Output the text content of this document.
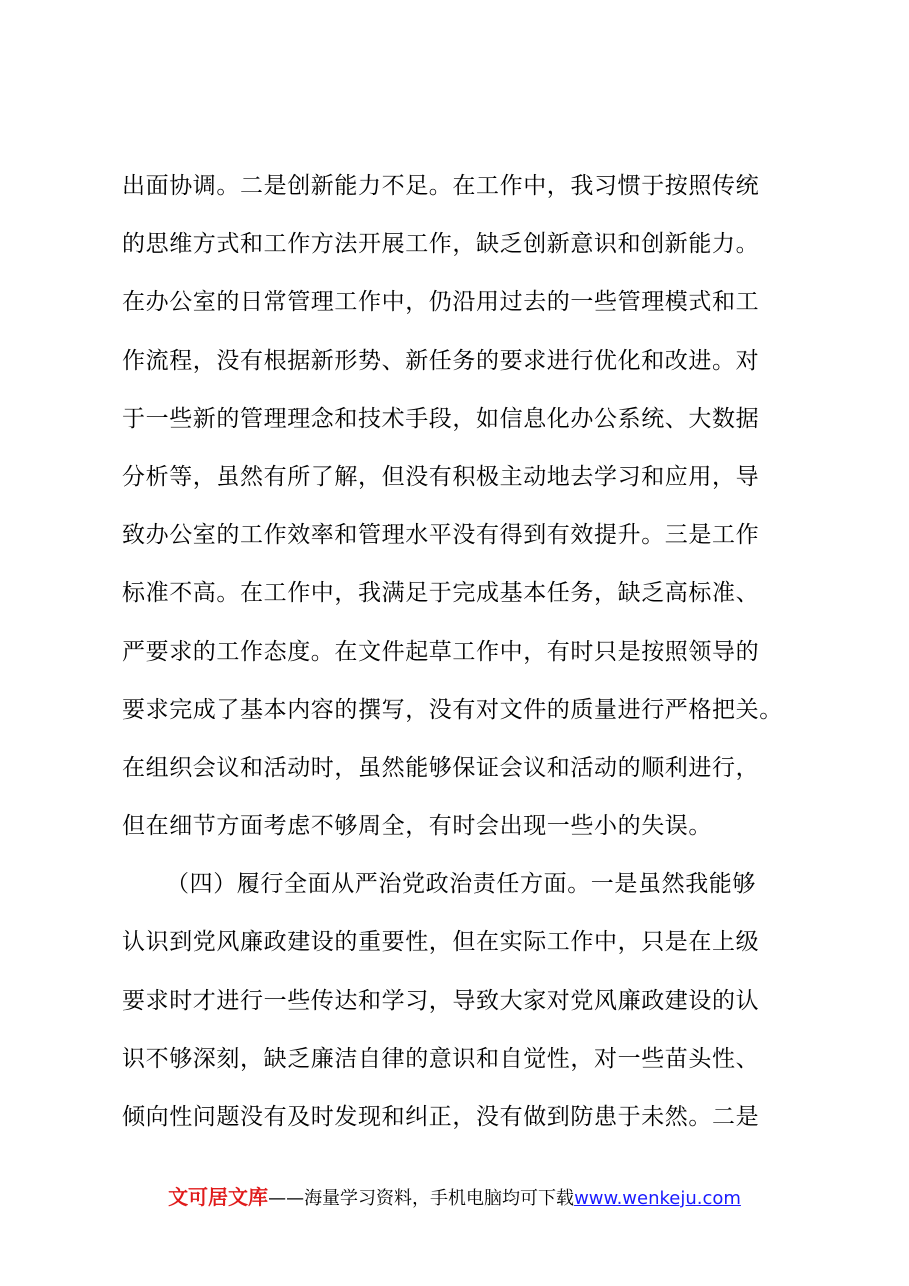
出面协调。二是创新能力不足。在工作中，我习惯于按照传统
的思维方式和工作方法开展工作，缺乏创新意识和创新能力。
在办公室的日常管理工作中，仍沿用过去的一些管理模式和工
作流程，没有根据新形势、新任务的要求进行优化和改进。对
于一些新的管理理念和技术手段，如信息化办公系统、大数据
分析等，虽然有所了解，但没有积极主动地去学习和应用，导
致办公室的工作效率和管理水平没有得到有效提升。三是工作
标准不高。在工作中，我满足于完成基本任务，缺乏高标准、
严要求的工作态度。在文件起草工作中，有时只是按照领导的
要求完成了基本内容的撰写，没有对文件的质量进行严格把关。
在组织会议和活动时，虽然能够保证会议和活动的顺利进行，
但在细节方面考虑不够周全，有时会出现一些小的失误。
（四）履行全面从严治党政治责任方面。一是虽然我能够
认识到党风廉政建设的重要性，但在实际工作中，只是在上级
要求时才进行一些传达和学习，导致大家对党风廉政建设的认
识不够深刻，缺乏廉洁自律的意识和自觉性，对一些苗头性、
倾向性问题没有及时发现和纠正，没有做到防患于未然。二是
文可居文库——海量学习资料，手机电脑均可下载www.wenkeju.com
